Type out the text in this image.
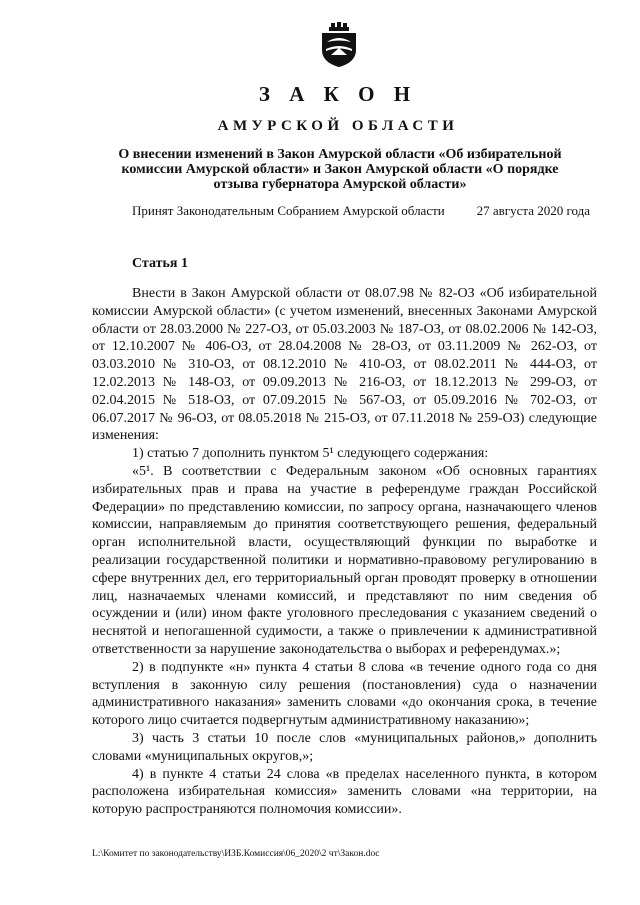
З А К О Н
АМУРСКОЙ ОБЛАСТИ
О внесении изменений в Закон Амурской области «Об избирательной комиссии Амурской области» и Закон Амурской области «О порядке отзыва губернатора Амурской области»
Принят Законодательным Собранием Амурской области 27 августа 2020 года
Статья 1

Внести в Закон Амурской области от 08.07.98 № 82-ОЗ «Об избирательной комиссии Амурской области» (с учетом изменений, внесенных Законами Амурской области от 28.03.2000 № 227-ОЗ, от 05.03.2003 № 187-ОЗ, от 08.02.2006 № 142-ОЗ, от 12.10.2007 № 406-ОЗ, от 28.04.2008 № 28-ОЗ, от 03.11.2009 № 262-ОЗ, от 03.03.2010 № 310-ОЗ, от 08.12.2010 № 410-ОЗ, от 08.02.2011 № 444-ОЗ, от 12.02.2013 № 148-ОЗ, от 09.09.2013 № 216-ОЗ, от 18.12.2013 № 299-ОЗ, от 02.04.2015 № 518-ОЗ, от 07.09.2015 № 567-ОЗ, от 05.09.2016 № 702-ОЗ, от 06.07.2017 № 96-ОЗ, от 08.05.2018 № 215-ОЗ, от 07.11.2018 № 259-ОЗ) следующие изменения:

1) статью 7 дополнить пунктом 5¹ следующего содержания:

«5¹. В соответствии с Федеральным законом «Об основных гарантиях избирательных прав и права на участие в референдуме граждан Российской Федерации» по представлению комиссии, по запросу органа, назначающего членов комиссии, направляемым до принятия соответствующего решения, федеральный орган исполнительной власти, осуществляющий функции по выработке и реализации государственной политики и нормативно-правовому регулированию в сфере внутренних дел, его территориальный орган проводят проверку в отношении лиц, назначаемых членами комиссий, и представляют по ним сведения об осуждении и (или) ином факте уголовного преследования с указанием сведений о неснятой и непогашенной судимости, а также о привлечении к административной ответственности за нарушение законодательства о выборах и референдумах.»;

2) в подпункте «н» пункта 4 статьи 8 слова «в течение одного года со дня вступления в законную силу решения (постановления) суда о назначении административного наказания» заменить словами «до окончания срока, в течение которого лицо считается подвергнутым административному наказанию»;

3) часть 3 статьи 10 после слов «муниципальных районов,» дополнить словами «муниципальных округов,»;

4) в пункте 4 статьи 24 слова «в пределах населенного пункта, в котором расположена избирательная комиссия» заменить словами «на территории, на которую распространяются полномочия комиссии».

L:\Комитет по законодательству\ИЗБ.Комиссия\06_2020\2 чт\Закон.doc
